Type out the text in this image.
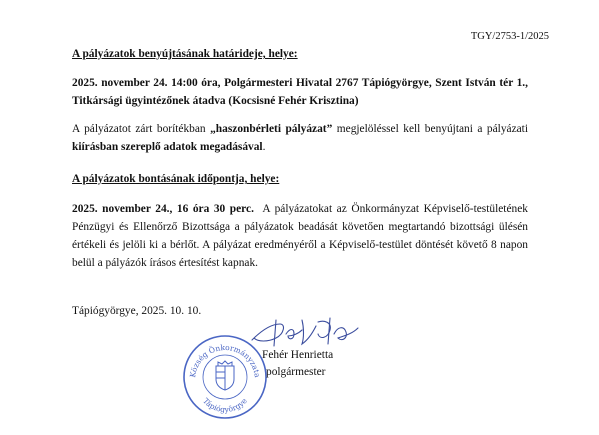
TGY/2753-1/2025
A pályázatok benyújtásának határideje, helye:
2025. november 24. 14:00 óra, Polgármesteri Hivatal 2767 Tápiógyörgye, Szent István tér 1., Titkársági ügyintézőnek átadva (Kocsisné Fehér Krisztina)
A pályázatot zárt borítékban „haszonbérleti pályázat” megjelöléssel kell benyújtani a pályázati kiírásban szereplő adatok megadásával.
A pályázatok bontásának időpontja, helye:
2025. november 24., 16 óra 30 perc. A pályázatokat az Önkormányzat Képviselő-testületének Pénzügyi és Ellenőrző Bizottsága a pályázatok beadását követően megtartandó bizottsági ülésén értékeli és jelöli ki a bérlőt. A pályázat eredményéről a Képviselő-testület döntését követő 8 napon belül a pályázók írásos értesítést kapnak.
Tápiógyörgye, 2025. 10. 10.
Község Önkormányzata
Tápiógyörgye
Fehér Henrietta
polgármester
